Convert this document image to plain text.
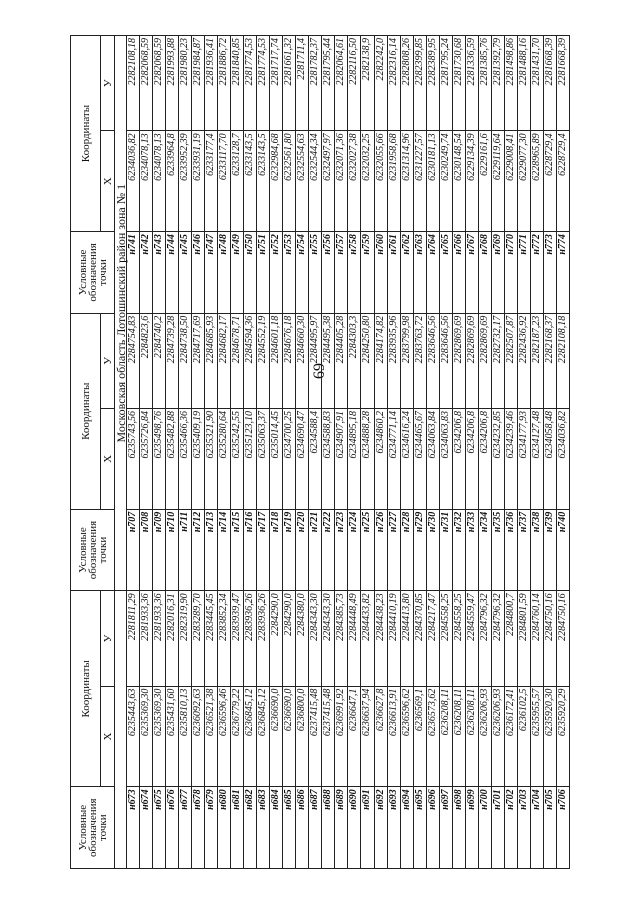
69
Условные
обозначения
точки	Координаты		Условные
обозначения
точки	Координаты		Условные
обозначения
точки	Координаты	
	X	У		X	У		X	У
			Московская область Лотошинский район зона № 1					
н673	6235443,63	2281811,29	н707	6235743,56	2284754,83	н741	6234036,82	2282108,18
н674	6235369,30	2281933,36	н708	6235726,84	2284823,6	н742	6234078,13	2282068,59
н675	6235369,30	2281933,36	н709	6235498,76	2284740,2	н743	6234078,13	2282068,59
н676	6235431,60	2282016,31	н710	6235482,88	2284739,28	н744	6233964,8	2281993,88
н677	6235810,13	2282319,90	н711	6235466,36	2284738,50	н745	6233952,39	2281980,23
н678	6236092,63	2283289,70	н712	6235409,19	2284717,69	н746	6233931,19	2281984,87
н679	6236521,38	2283445,45	н713	6235321,90	2284685,93	н747	6233177,4	2281936,41
н680	6236596,46	2283852,34	н714	6235280,64	2284682,17	н748	6233117,70	2281886,72
н681	6236779,22	2283939,47	н715	6235242,55	2284678,71	н749	6233128,7	2281840,85
н682	6236845,12	2283936,26	н716	6235123,10	2284594,36	н750	6233143,5	2281774,53
н683	6236845,12	2283936,26	н717	6235063,37	2284552,19	н751	6233143,5	2281774,53
н684	6236690,0	2284290,0	н718	6235014,45	2284601,18	н752	6232984,68	2281717,74
н685	6236690,0	2284290,0	н719	6234700,25	2284676,18	н753	6232561,80	2281661,32
н686	6236800,0	2284380,0	н720	6234690,47	2284660,30	н754	6232554,63	2281711,4
н687	6237415,48	2284343,30	н721	6234588,4	2284495,97	н755	6232544,34	2281782,37
н688	6237415,48	2284343,30	н722	6234588,83	2284495,38	н756	6232497,97	2281795,44
н689	6236991,92	2284385,73	н723	6234907,91	2284405,28	н757	6232071,36	2282064,61
н690	6236647,1	2284448,49	н724	6234895,18	2284303,3	н758	6232027,38	2282116,50
н691	6236637,94	2284433,82	н725	6234888,28	2284250,80	н759	6232032,25	2282138,9
н692	6236627,8	2284438,23	н726	6234860,2	2284174,82	н760	6232055,66	2282242,0
н693	6236613,91	2284410,19	н727	6234771,14	2283935,96	н761	6231958,68	2282316,14
н694	6236596,62	2284413,80	н728	6234616,24	2283799,98	н762	6231314,96	2282808,26
н695	6236569,1	2284370,85	н729	6234465,67	2283763,72	н763	6231227,57	2282399,85
н696	6236573,62	2284217,47	н730	6234063,84	2283646,56	н764	6230181,13	2282389,95
н697	6236208,11	2284558,25	н731	6234063,83	2283646,56	н765	6230249,74	2281795,24
н698	6236208,11	2284558,25	н732	6234206,8	2282869,69	н766	6230148,54	2281730,68
н699	6236208,11	2284559,47	н733	6234206,8	2282869,69	н767	6229134,39	2281336,59
н700	6236206,93	2284796,32	н734	6234206,8	2282869,69	н768	6229161,6	2281385,76
н701	6236206,93	2284796,32	н735	6234232,85	2282732,17	н769	6229119,64	2281392,79
н702	6236172,41	2284800,7	н736	6234239,46	2282507,87	н770	6229008,41	2281498,86
н703	6236102,5	2284801,59	н737	6234177,93	2282436,92	н771	6229077,30	2281488,16
н704	6235955,57	2284760,14	н738	6234127,48	2282187,23	н772	6228965,89	2281431,70
н705	6235920,30	2284750,16	н739	6234058,48	2282168,37	н773	6228729,4	2281668,39
н706	6235920,29	2284750,16	н740	6234036,82	2282108,18	н774	6228729,4	2281668,39
